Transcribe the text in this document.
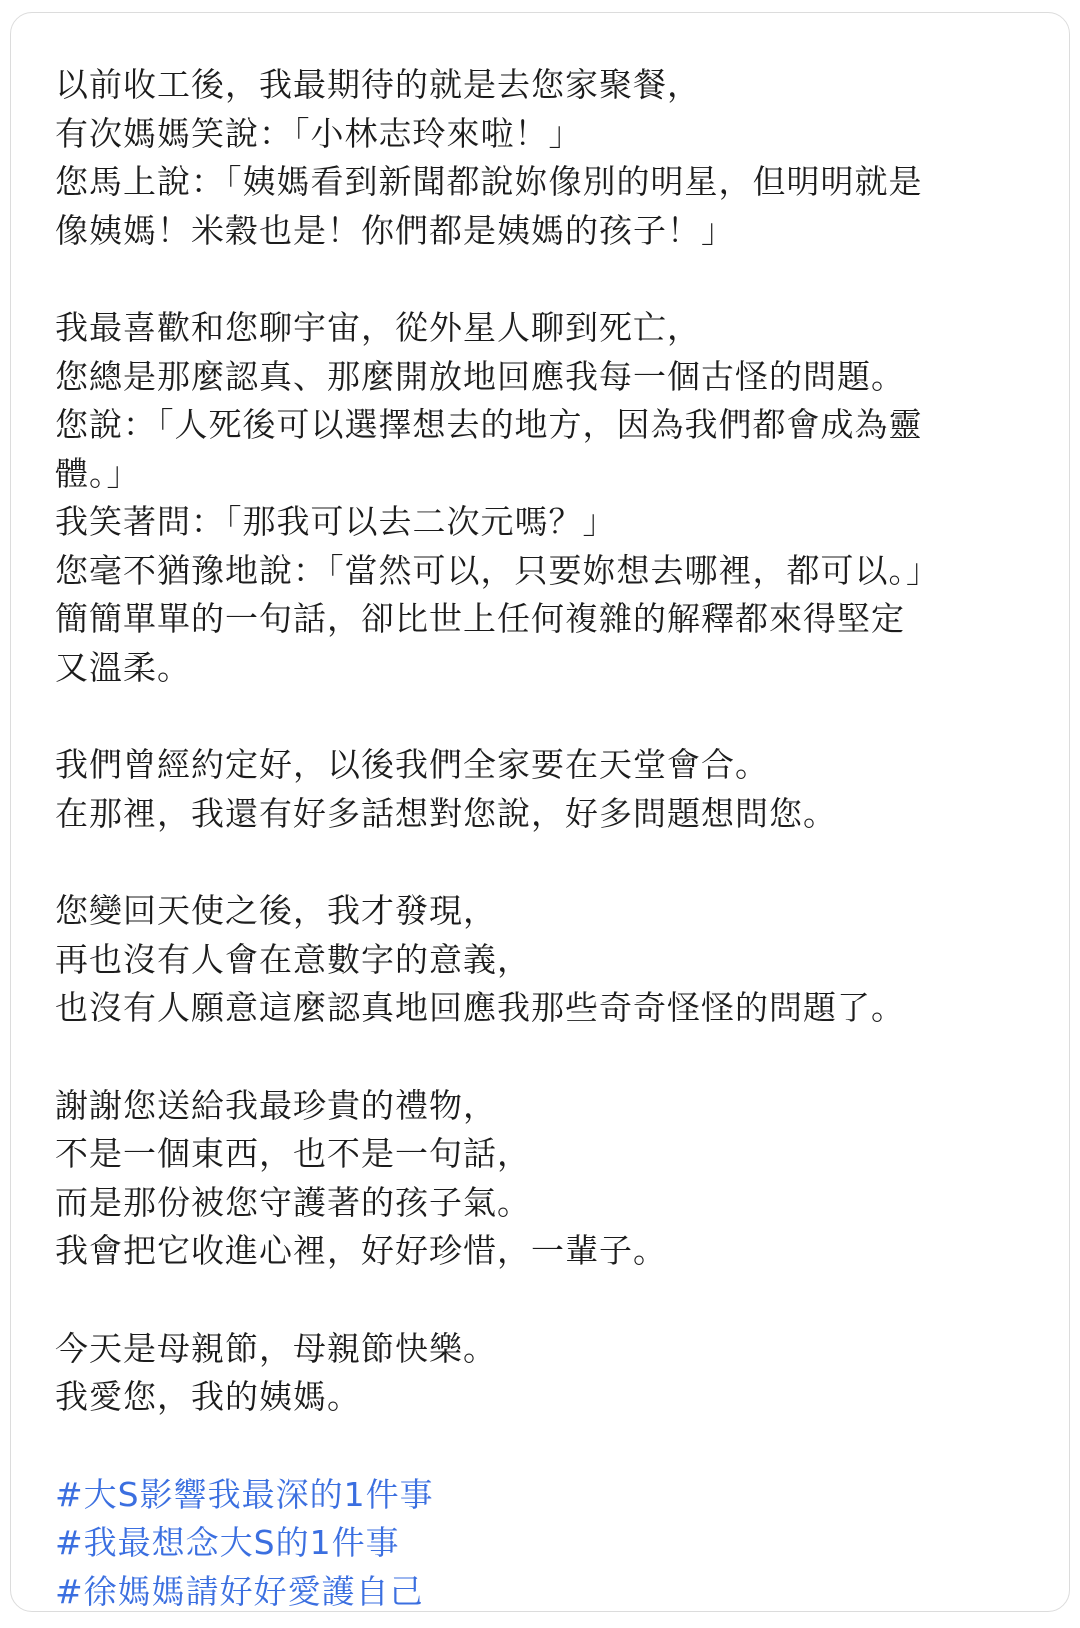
以前收工後，我最期待的就是去您家聚餐，
有次媽媽笑說：「小林志玲來啦！」
您馬上說：「姨媽看到新聞都說妳像別的明星，但明明就是
像姨媽！米穀也是！你們都是姨媽的孩子！」
我最喜歡和您聊宇宙，從外星人聊到死亡，
您總是那麼認真、那麼開放地回應我每一個古怪的問題。
您說：「人死後可以選擇想去的地方，因為我們都會成為靈
體。」
我笑著問：「那我可以去二次元嗎？」
您毫不猶豫地說：「當然可以，只要妳想去哪裡，都可以。」
簡簡單單的一句話，卻比世上任何複雜的解釋都來得堅定
又溫柔。
我們曾經約定好，以後我們全家要在天堂會合。
在那裡，我還有好多話想對您說，好多問題想問您。
您變回天使之後，我才發現，
再也沒有人會在意數字的意義，
也沒有人願意這麼認真地回應我那些奇奇怪怪的問題了。
謝謝您送給我最珍貴的禮物，
不是一個東西，也不是一句話，
而是那份被您守護著的孩子氣。
我會把它收進心裡，好好珍惜，一輩子。
今天是母親節，母親節快樂。
我愛您，我的姨媽。
#大S影響我最深的1件事
#我最想念大S的1件事
#徐媽媽請好好愛護自己
